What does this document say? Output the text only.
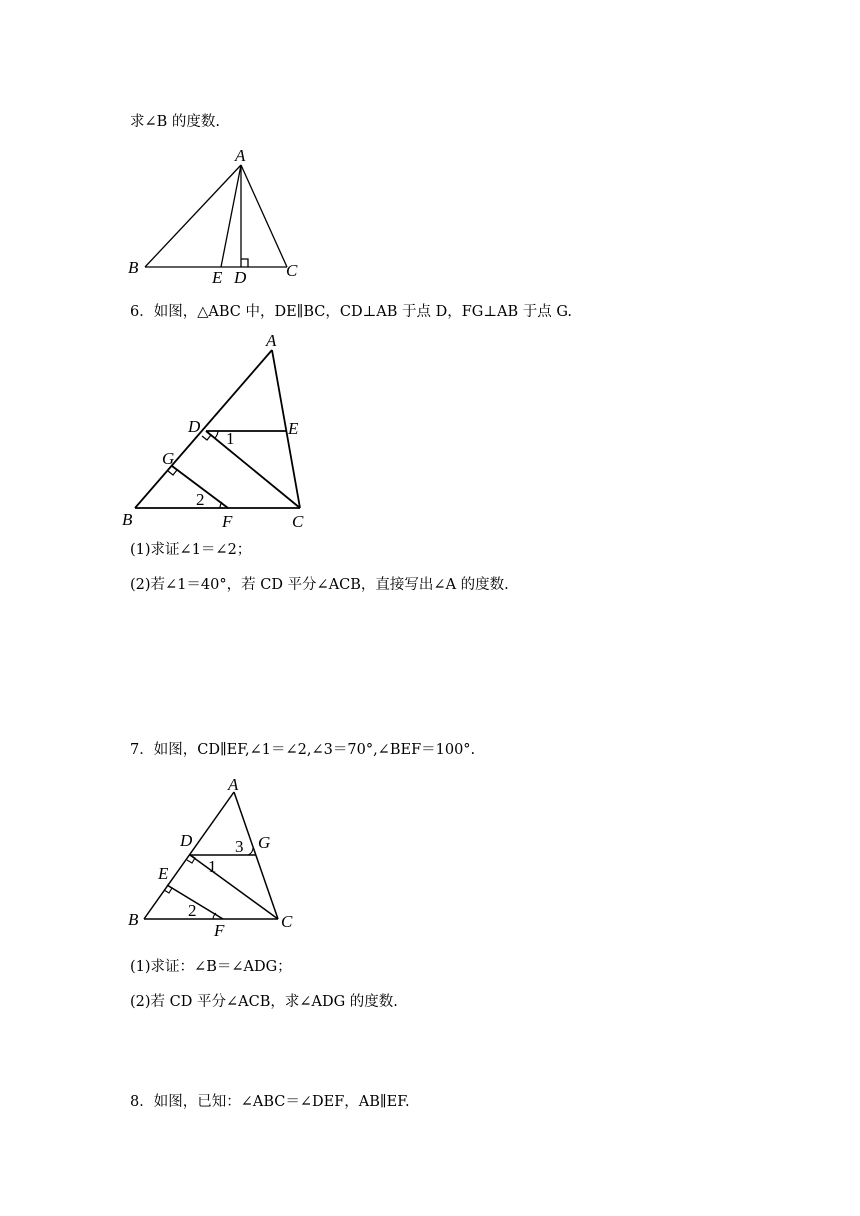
求∠B 的度数.
A
B	C
D
E
6．如图，△ABC 中，DE∥BC，CD⊥AB 于点 D，FG⊥AB 于点 G.
A
B	C
D	E
F
G
1
2
(1)求证∠1＝∠2；
(2)若∠1＝40°，若 CD 平分∠ACB，直接写出∠A 的度数.
7．如图，CD∥EF,∠1＝∠2,∠3＝70°,∠BEF＝100°.
A
B	C
D	G
E
F
1
2
3
(1)求证：∠B＝∠ADG；
(2)若 CD 平分∠ACB，求∠ADG 的度数.
8．如图，已知：∠ABC＝∠DEF，AB∥EF.
